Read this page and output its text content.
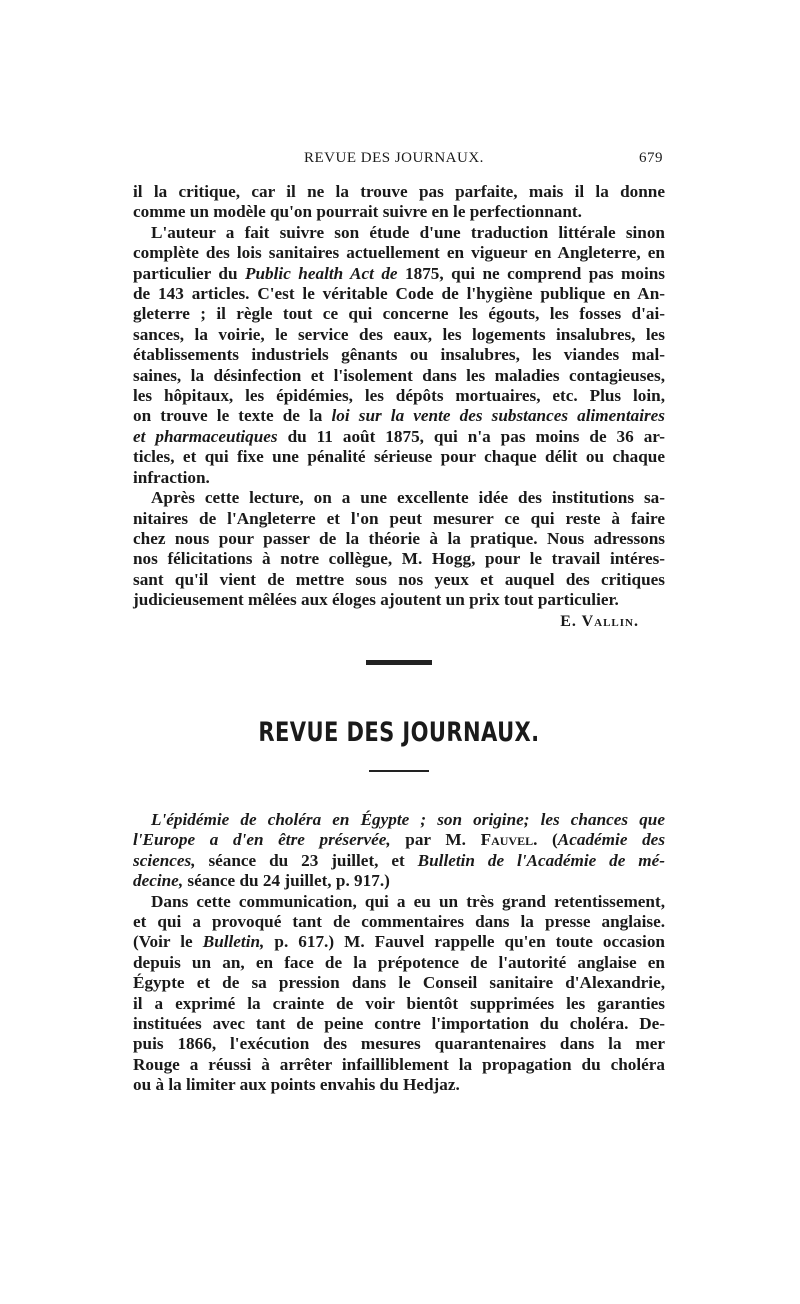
REVUE DES JOURNAUX.	679

il la critique, car il ne la trouve pas parfaite, mais il la donne
comme un modèle qu'on pourrait suivre en le perfectionnant.

L'auteur a fait suivre son étude d'une traduction littérale sinon
complète des lois sanitaires actuellement en vigueur en Angleterre, en
particulier du Public health Act de 1875, qui ne comprend pas moins
de 143 articles. C'est le véritable Code de l'hygiène publique en An-
gleterre ; il règle tout ce qui concerne les égouts, les fosses d'ai-
sances, la voirie, le service des eaux, les logements insalubres, les
établissements industriels gênants ou insalubres, les viandes mal-
saines, la désinfection et l'isolement dans les maladies contagieuses,
les hôpitaux, les épidémies, les dépôts mortuaires, etc. Plus loin,
on trouve le texte de la loi sur la vente des substances alimentaires
et pharmaceutiques du 11 août 1875, qui n'a pas moins de 36 ar-
ticles, et qui fixe une pénalité sérieuse pour chaque délit ou chaque
infraction.

Après cette lecture, on a une excellente idée des institutions sa-
nitaires de l'Angleterre et l'on peut mesurer ce qui reste à faire
chez nous pour passer de la théorie à la pratique. Nous adressons
nos félicitations à notre collègue, M. Hogg, pour le travail intéres-
sant qu'il vient de mettre sous nos yeux et auquel des critiques
judicieusement mêlées aux éloges ajoutent un prix tout particulier.

E. Vallin.
REVUE DES JOURNAUX.

L'épidémie de choléra en Égypte ; son origine; les chances que
l'Europe a d'en être préservée, par M. Fauvel. (Académie des
sciences, séance du 23 juillet, et Bulletin de l'Académie de mé-
decine, séance du 24 juillet, p. 917.)

Dans cette communication, qui a eu un très grand retentissement,
et qui a provoqué tant de commentaires dans la presse anglaise.
(Voir le Bulletin, p. 617.) M. Fauvel rappelle qu'en toute occasion
depuis un an, en face de la prépotence de l'autorité anglaise en
Égypte et de sa pression dans le Conseil sanitaire d'Alexandrie,
il a exprimé la crainte de voir bientôt supprimées les garanties
instituées avec tant de peine contre l'importation du choléra. De-
puis 1866, l'exécution des mesures quarantenaires dans la mer
Rouge a réussi à arrêter infailliblement la propagation du choléra
ou à la limiter aux points envahis du Hedjaz.
